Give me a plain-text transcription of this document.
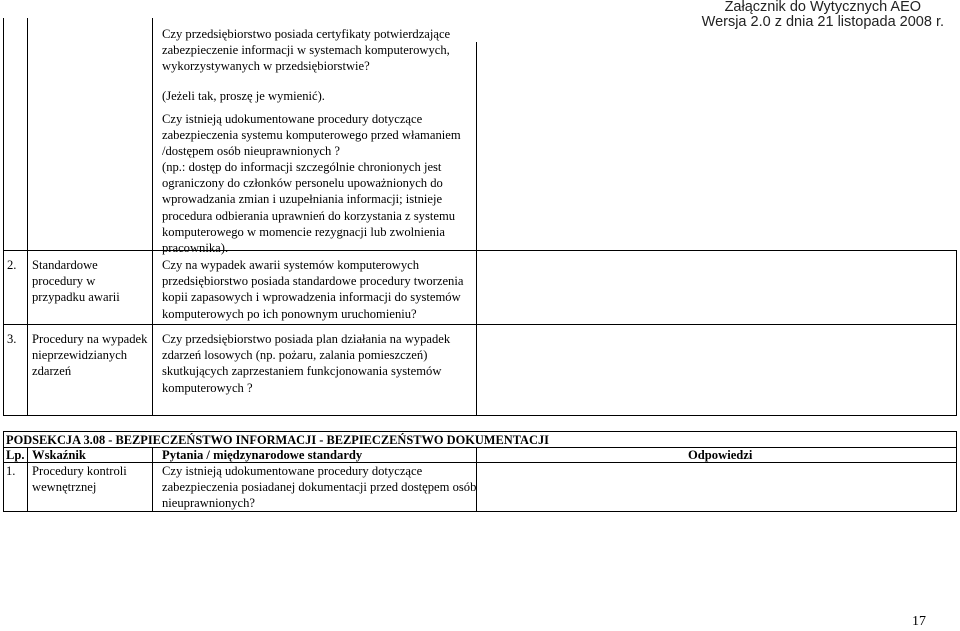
Załącznik do Wytycznych AEO
Wersja 2.0 z dnia 21 listopada 2008 r.
Czy przedsiębiorstwo posiada certyfikaty potwierdzające
zabezpieczenie informacji w systemach komputerowych,
wykorzystywanych w przedsiębiorstwie?
(Jeżeli tak, proszę je wymienić).
Czy istnieją udokumentowane procedury dotyczące
zabezpieczenia systemu komputerowego przed włamaniem
/dostępem osób nieuprawnionych ?
(np.: dostęp do informacji szczególnie chronionych jest
ograniczony do członków personelu upoważnionych do
wprowadzania zmian i uzupełniania informacji; istnieje
procedura odbierania uprawnień do korzystania z systemu
komputerowego w momencie rezygnacji lub zwolnienia
pracownika).
2. Standardowe
procedury w
przypadku awarii
Czy na wypadek awarii systemów komputerowych
przedsiębiorstwo posiada standardowe procedury tworzenia
kopii zapasowych i wprowadzenia informacji do systemów
komputerowych po ich ponownym uruchomieniu?
3. Procedury na wypadek
nieprzewidzianych
zdarzeń
Czy przedsiębiorstwo posiada plan działania na wypadek
zdarzeń losowych (np. pożaru, zalania pomieszczeń)
skutkujących zaprzestaniem funkcjonowania systemów
komputerowych ?
PODSEKCJA 3.08 - BEZPIECZEŃSTWO INFORMACJI - BEZPIECZEŃSTWO DOKUMENTACJI
Lp. Wskaźnik	Pytania / międzynarodowe standardy	Odpowiedzi
1. Procedury kontroli
wewnętrznej
Czy istnieją udokumentowane procedury dotyczące
zabezpieczenia posiadanej dokumentacji przed dostępem osób
nieuprawnionych?
17
